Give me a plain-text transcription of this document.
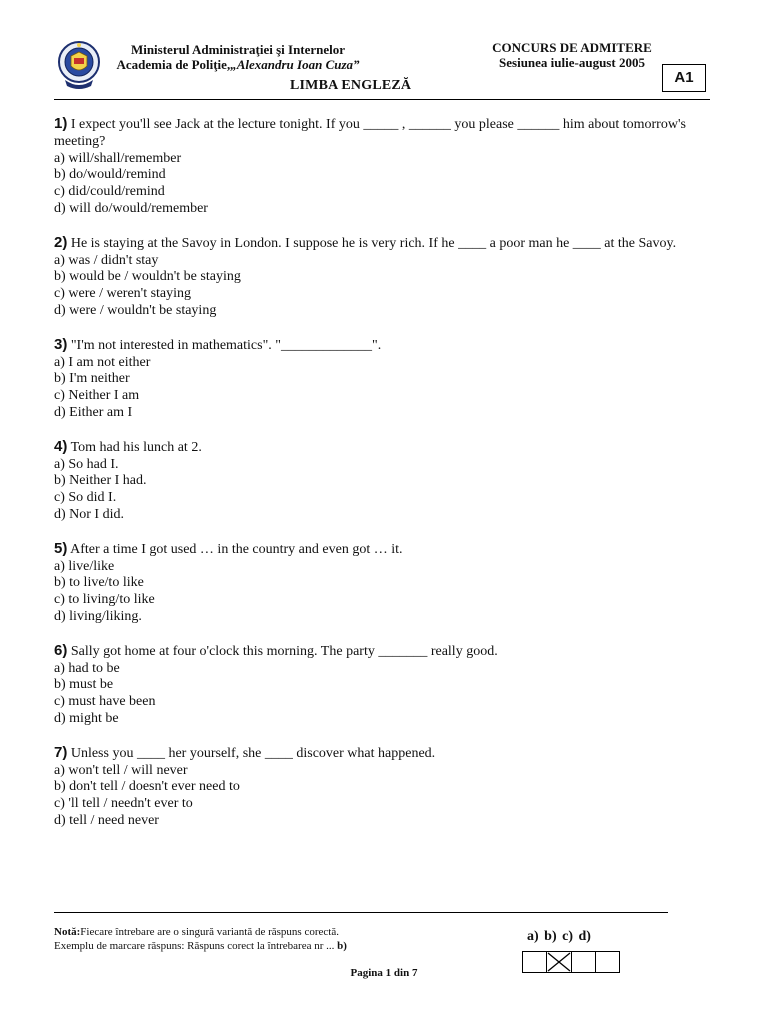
Ministerul Administraţiei şi Internelor
Academia de Poliţie,„Alexandru Ioan Cuza”
LIMBA ENGLEZĂ
CONCURS DE ADMITERE
Sesiunea iulie-august 2005
A1
1) I expect you'll see Jack at the lecture tonight. If you _____ , ______ you please ______ him about tomorrow's meeting?
a) will/shall/remember
b) do/would/remind
c) did/could/remind
d) will do/would/remember
2) He is staying at the Savoy in London. I suppose he is very rich. If he ____ a poor man he ____ at the Savoy.
a) was / didn't stay
b) would be / wouldn't be staying
c) were / weren't staying
d) were / wouldn't be staying
3) "I'm not interested in mathematics". "_____________".
a) I am not either
b) I'm neither
c) Neither I am
d) Either am I
4) Tom had his lunch at 2.
a) So had I.
b) Neither I had.
c) So did I.
d) Nor I did.
5) After a time I got used … in the country and even got … it.
a) live/like
b) to live/to like
c) to living/to like
d) living/liking.
6) Sally got home at four o'clock this morning. The party _______ really good.
a) had to be
b) must be
c) must have been
d) might be
7) Unless you ____ her yourself, she ____ discover what happened.
a) won't tell / will never
b) don't tell / doesn't ever need to
c) 'll tell / needn't ever to
d) tell / need never
Notă:Fiecare întrebare are o singură variantă de răspuns corectă.
Exemplu de marcare răspuns: Răspuns corect la întrebarea nr ... b)
a) b) c) d)
Pagina 1 din 7
